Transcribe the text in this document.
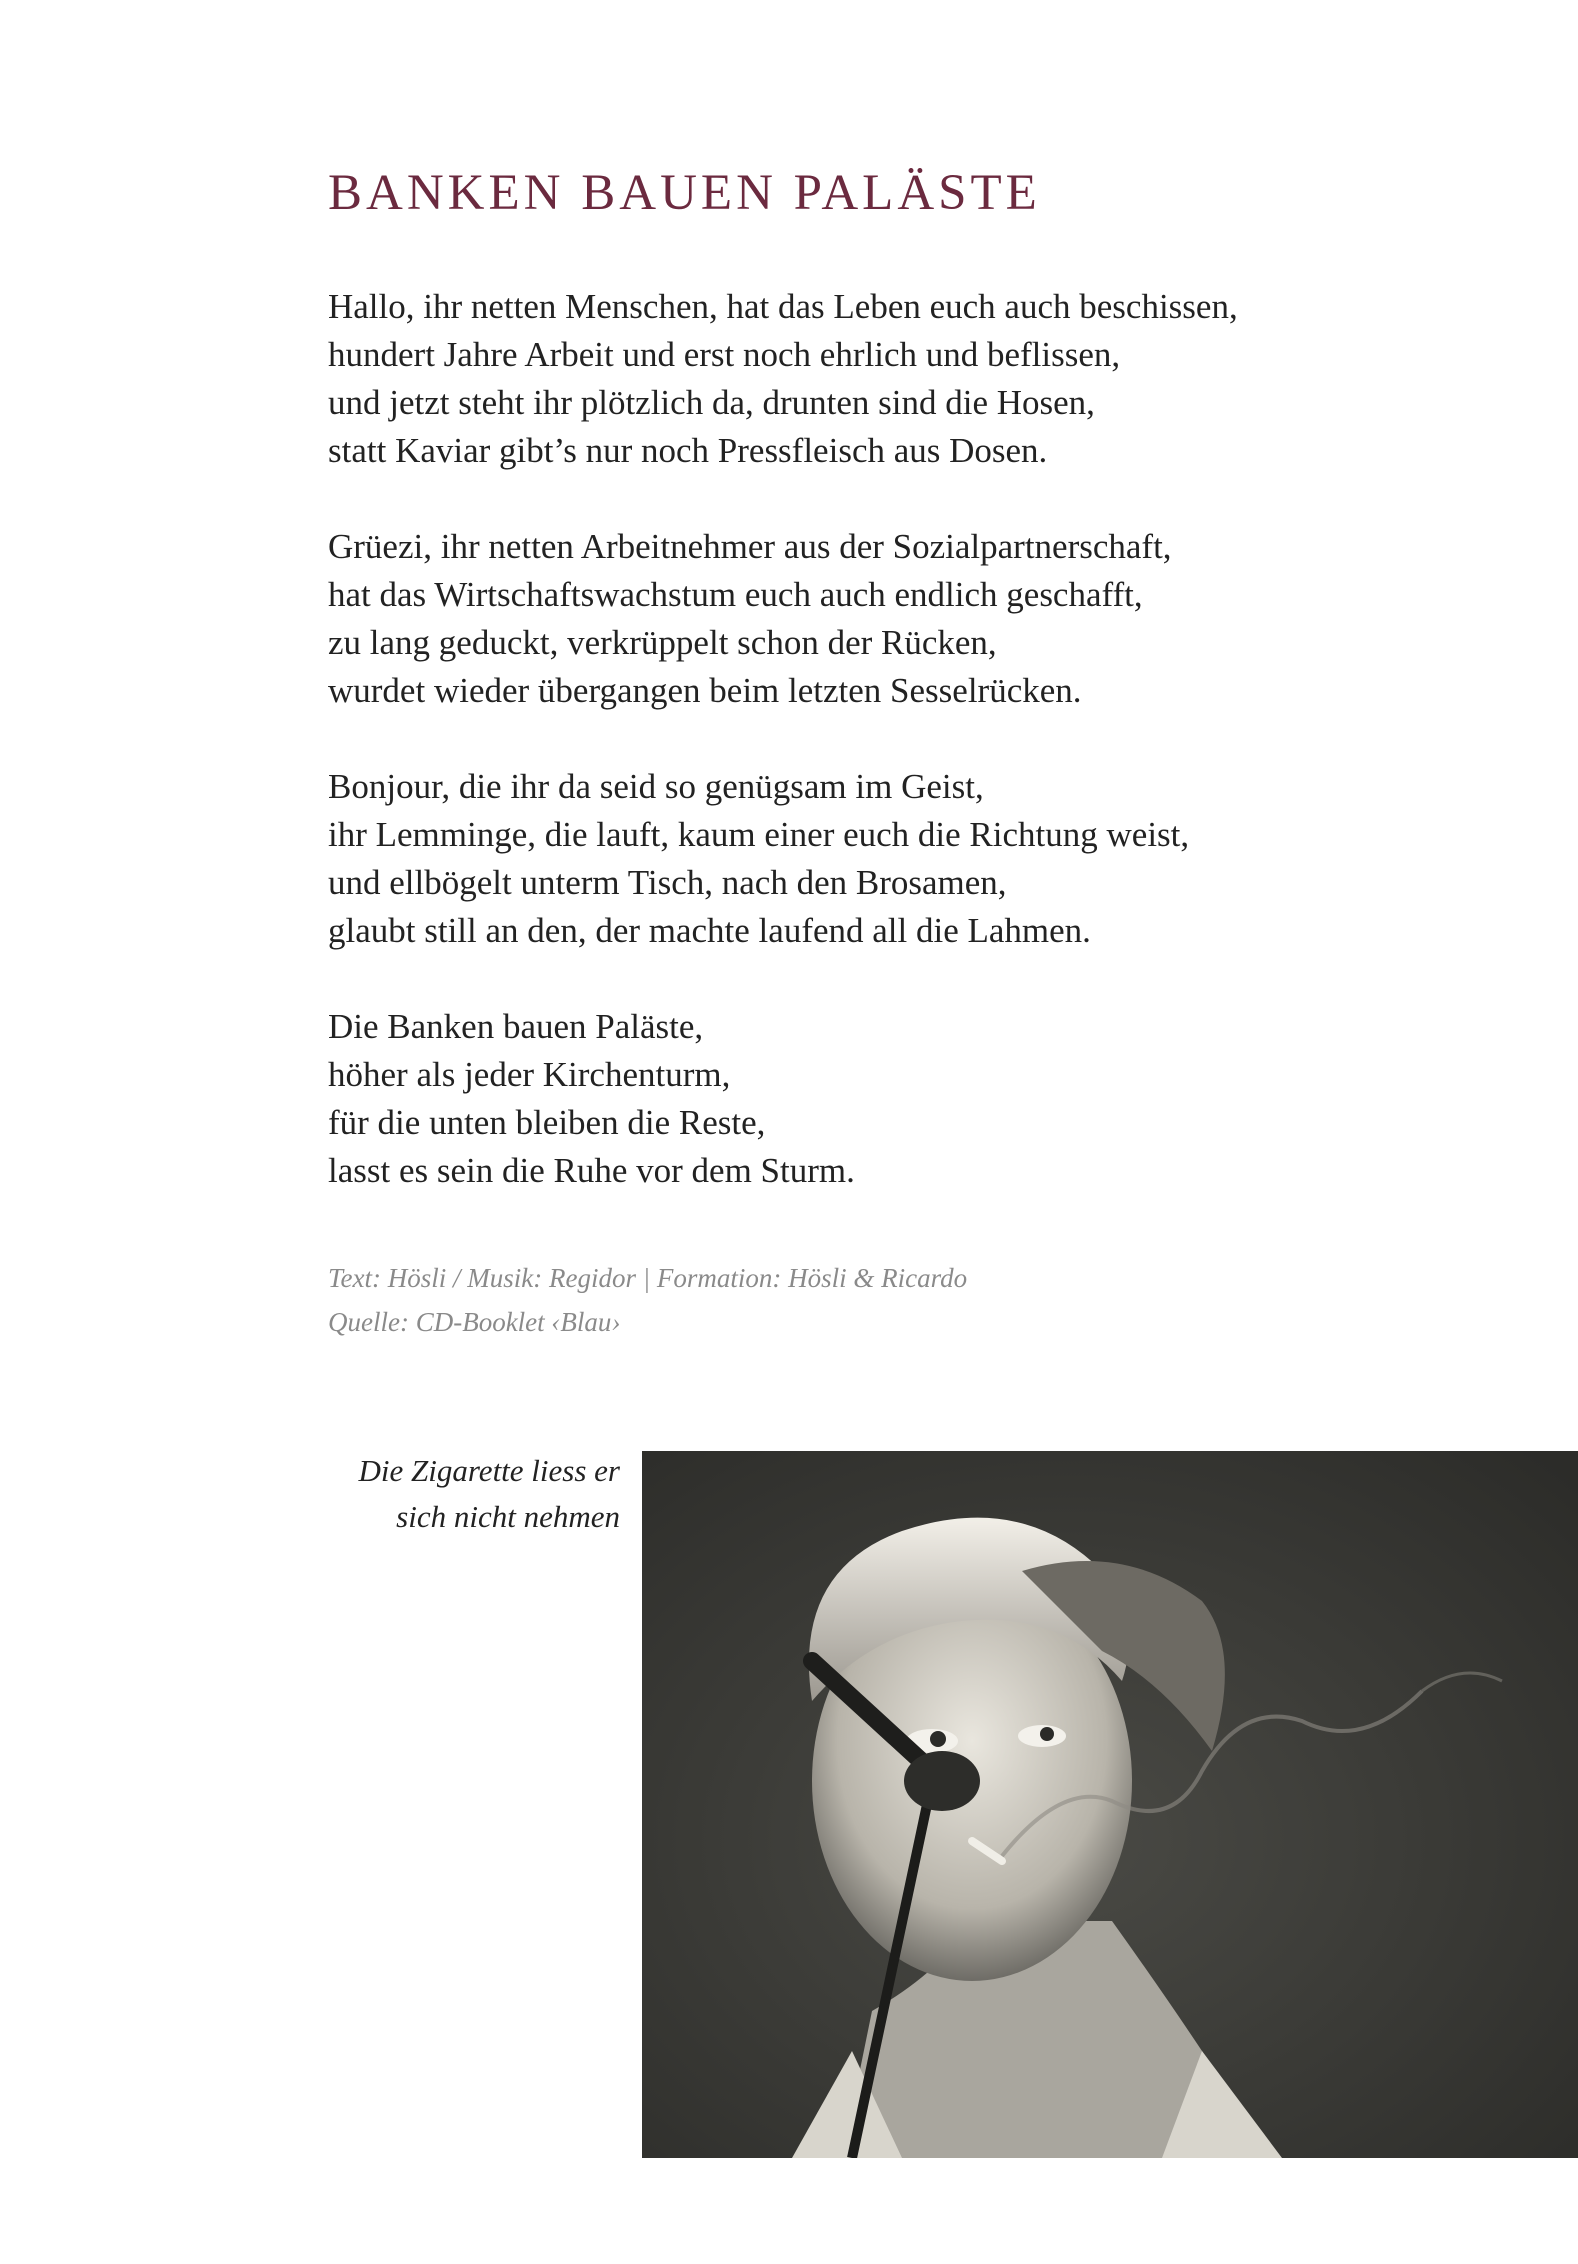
BANKEN BAUEN PALÄSTE
Hallo, ihr netten Menschen, hat das Leben euch auch beschissen,
hundert Jahre Arbeit und erst noch ehrlich und beflissen,
und jetzt steht ihr plötzlich da, drunten sind die Hosen,
statt Kaviar gibt’s nur noch Pressfleisch aus Dosen.
Grüezi, ihr netten Arbeitnehmer aus der Sozialpartnerschaft,
hat das Wirtschaftswachstum euch auch endlich geschafft,
zu lang geduckt, verkrüppelt schon der Rücken,
wurdet wieder übergangen beim letzten Sesselrücken.
Bonjour, die ihr da seid so genügsam im Geist,
ihr Lemminge, die lauft, kaum einer euch die Richtung weist,
und ellbögelt unterm Tisch, nach den Brosamen,
glaubt still an den, der machte laufend all die Lahmen.
Die Banken bauen Paläste,
höher als jeder Kirchenturm,
für die unten bleiben die Reste,
lasst es sein die Ruhe vor dem Sturm.
Text: Hösli / Musik: Regidor | Formation: Hösli & Ricardo
Quelle: CD-Booklet ‹Blau›
Die Zigarette liess er
sich nicht nehmen
